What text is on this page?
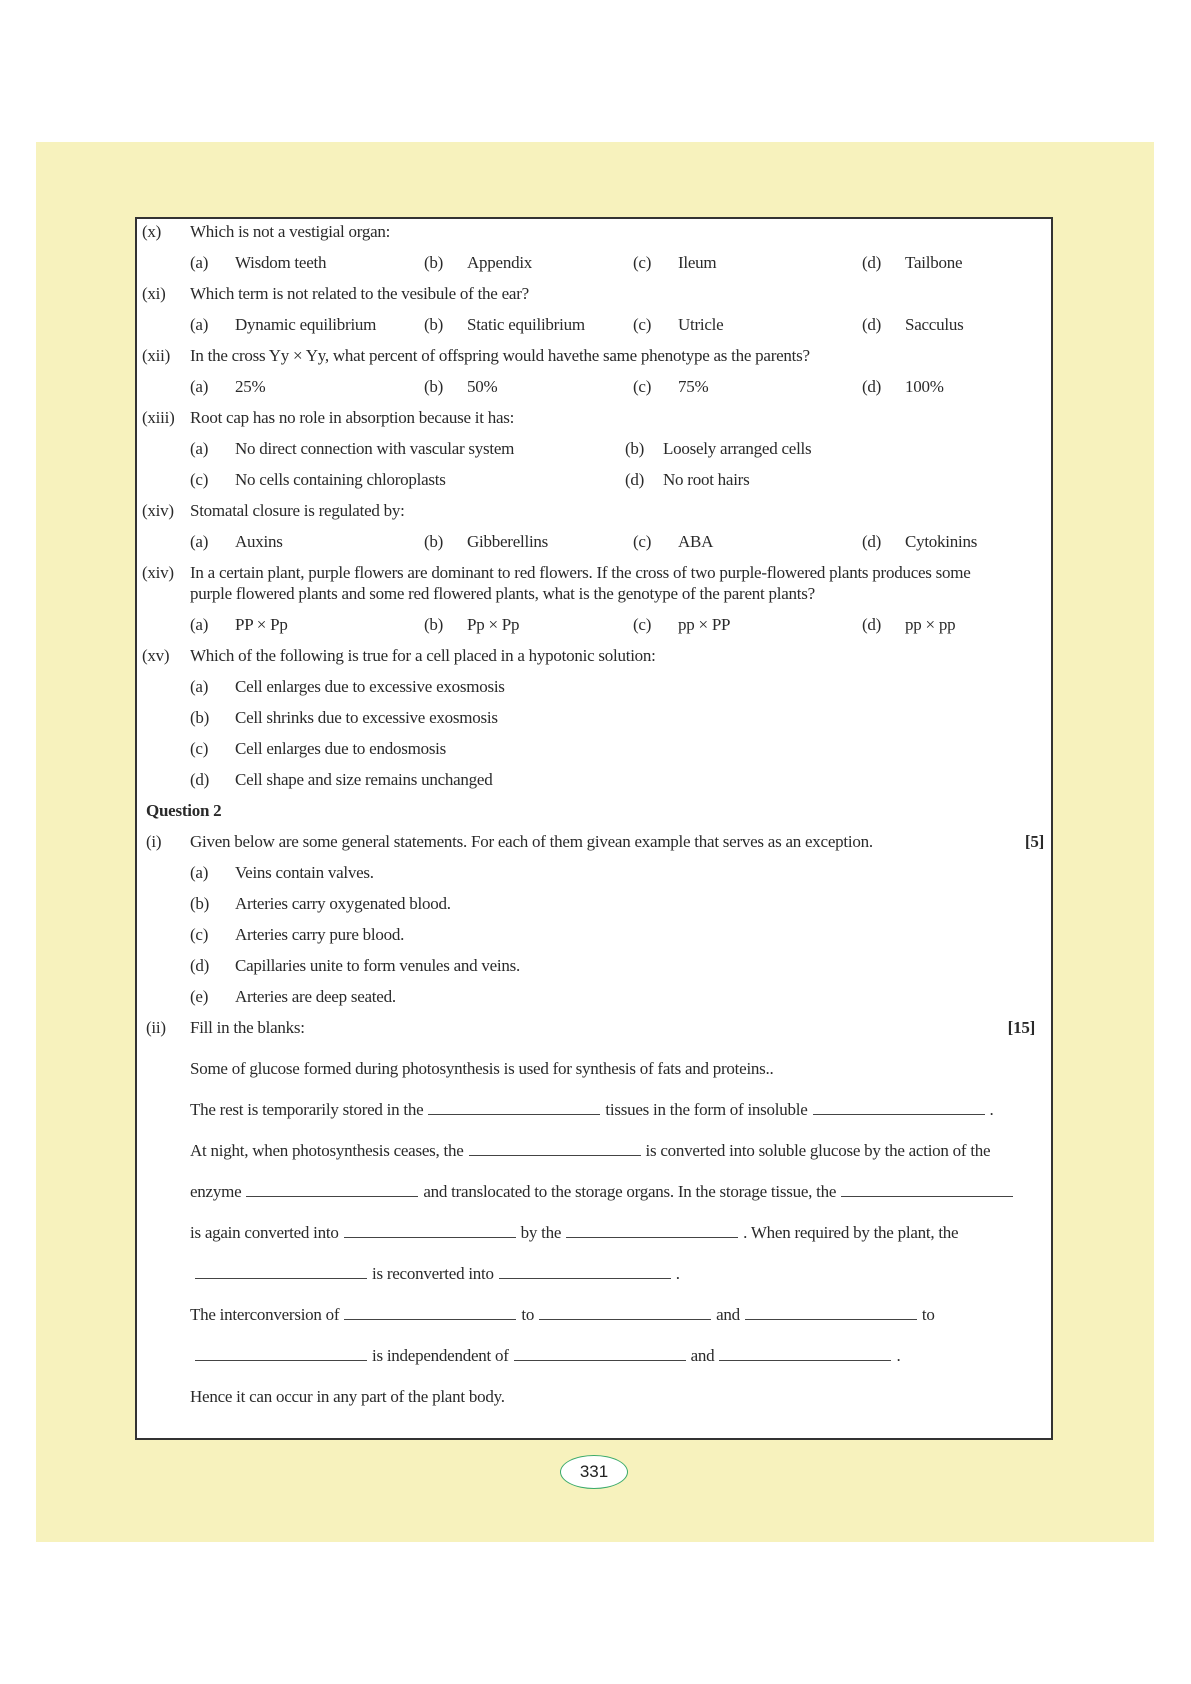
(x) Which is not a vestigial organ:
(a) Wisdom teeth	(b) Appendix	(c) Ileum	(d) Tailbone
(xi) Which term is not related to the vesibule of the ear?
(a) Dynamic equilibrium	(b) Static equilibrium	(c) Utricle	(d) Sacculus
(xii) In the cross Yy × Yy, what percent of offspring would havethe same phenotype as the parents?
(a) 25%	(b) 50%	(c) 75%	(d) 100%
(xiii) Root cap has no role in absorption because it has:
(a) No direct connection with vascular system	(b) Loosely arranged cells
(c) No cells containing chloroplasts	(d) No root hairs
(xiv) Stomatal closure is regulated by:
(a) Auxins	(b) Gibberellins	(c) ABA	(d) Cytokinins
(xiv) In a certain plant, purple flowers are dominant to red flowers. If the cross of two purple-flowered plants produces some
purple flowered plants and some red flowered plants, what is the genotype of the parent plants?
(a) PP × Pp	(b) Pp × Pp	(c) pp × PP	(d) pp × pp
(xv) Which of the following is true for a cell placed in a hypotonic solution:
(a) Cell enlarges due to excessive exosmosis
(b) Cell shrinks due to excessive exosmosis
(c) Cell enlarges due to endosmosis
(d) Cell shape and size remains unchanged
Question 2
(i) Given below are some general statements. For each of them givean example that serves as an exception.	[5]
(a) Veins contain valves.
(b) Arteries carry oxygenated blood.
(c) Arteries carry pure blood.
(d) Capillaries unite to form venules and veins.
(e) Arteries are deep seated.
(ii) Fill in the blanks:	[15]
Some of glucose formed during photosynthesis is used for synthesis of fats and proteins..
The rest is temporarily stored in the	tissues in the form of insoluble	.
At night, when photosynthesis ceases, the	is converted into soluble glucose by the action of the
enzyme	and translocated to the storage organs. In the storage tissue, the
is again converted into	by the	. When required by the plant, the
is reconverted into	.
The interconversion of	to	and	to
is independendent of	and	.
Hence it can occur in any part of the plant body.
331
